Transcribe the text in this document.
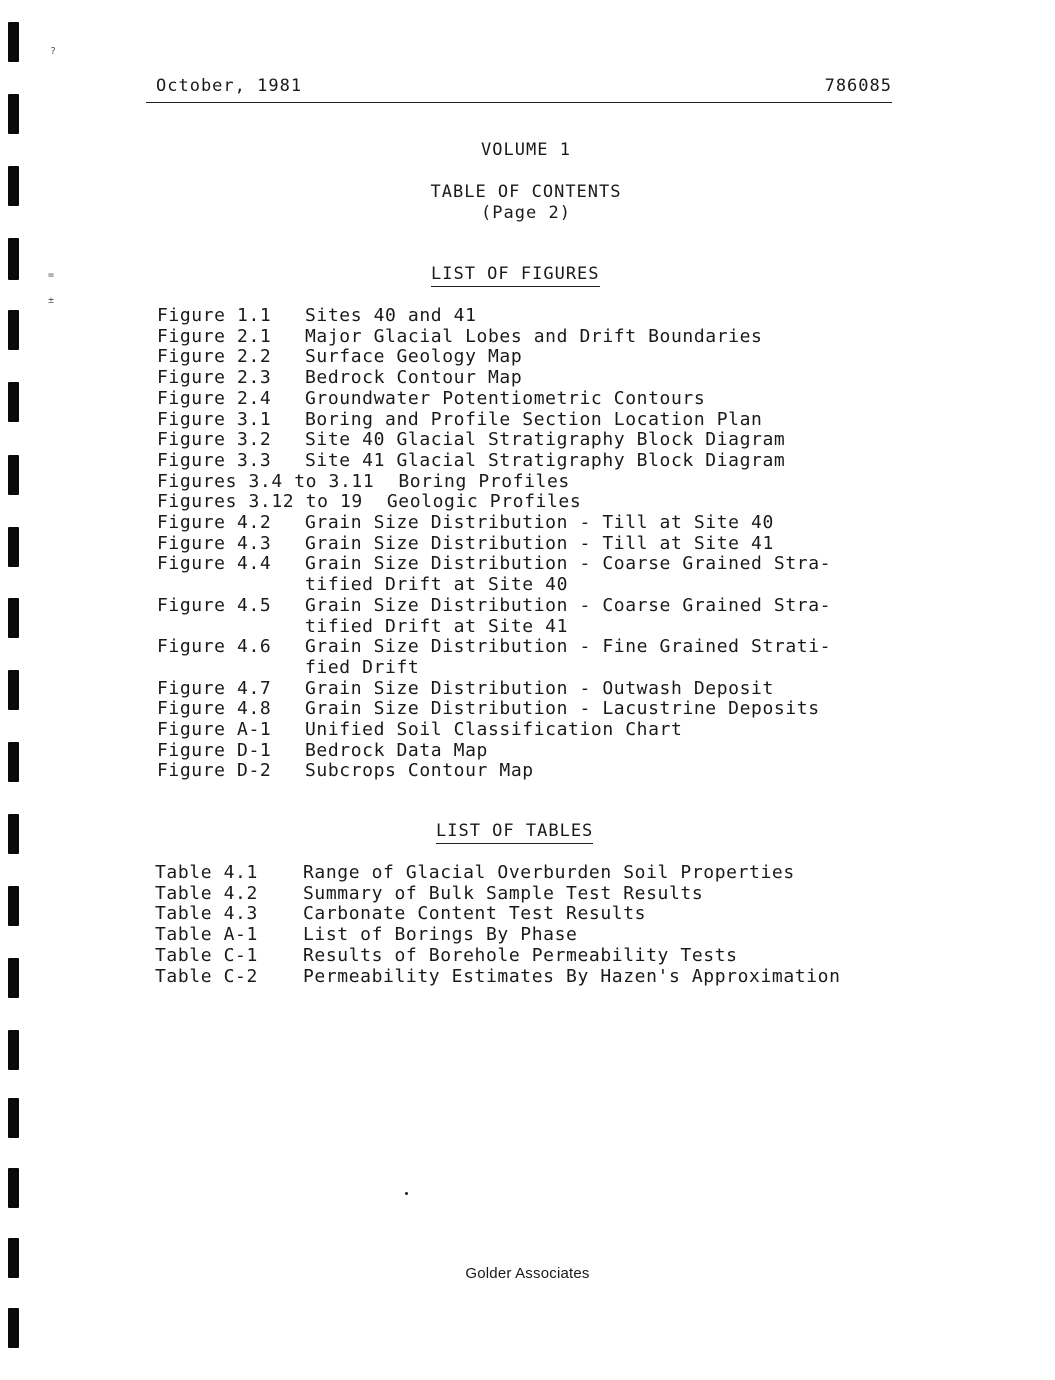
?
=
±
October, 1981	786085
VOLUME 1
TABLE OF CONTENTS
(Page 2)
LIST OF FIGURES
Figure 1.1	Sites 40 and 41
Figure 2.1	Major Glacial Lobes and Drift Boundaries
Figure 2.2	Surface Geology Map
Figure 2.3	Bedrock Contour Map
Figure 2.4	Groundwater Potentiometric Contours
Figure 3.1	Boring and Profile Section Location Plan
Figure 3.2	Site 40 Glacial Stratigraphy Block Diagram
Figure 3.3	Site 41 Glacial Stratigraphy Block Diagram
Figures 3.4 to 3.11 Boring Profiles
Figures 3.12 to 19 Geologic Profiles
Figure 4.2	Grain Size Distribution - Till at Site 40
Figure 4.3	Grain Size Distribution - Till at Site 41
Figure 4.4	Grain Size Distribution - Coarse Grained Stra-
tified Drift at Site 40
Figure 4.5	Grain Size Distribution - Coarse Grained Stra-
tified Drift at Site 41
Figure 4.6	Grain Size Distribution - Fine Grained Strati-
fied Drift
Figure 4.7	Grain Size Distribution - Outwash Deposit
Figure 4.8	Grain Size Distribution - Lacustrine Deposits
Figure A-1	Unified Soil Classification Chart
Figure D-1	Bedrock Data Map
Figure D-2	Subcrops Contour Map
LIST OF TABLES
Table 4.1	Range of Glacial Overburden Soil Properties
Table 4.2	Summary of Bulk Sample Test Results
Table 4.3	Carbonate Content Test Results
Table A-1	List of Borings By Phase
Table C-1	Results of Borehole Permeability Tests
Table C-2	Permeability Estimates By Hazen's Approximation
Golder Associates
